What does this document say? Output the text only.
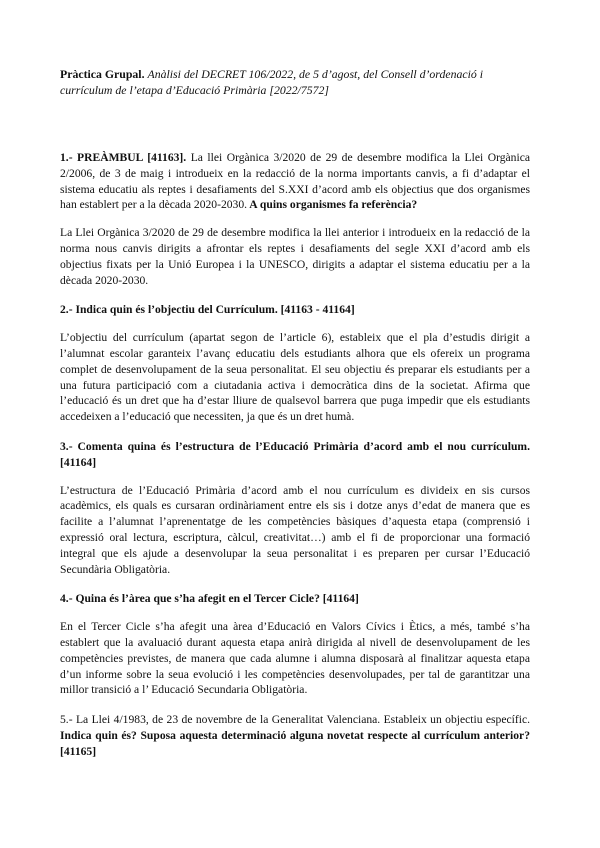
Pràctica Grupal. Anàlisi del DECRET 106/2022, de 5 d’agost, del Consell d’ordenació i currículum de l’etapa d’Educació Primària [2022/7572]

1.- PREÀMBUL [41163]. La llei Orgànica 3/2020 de 29 de desembre modifica la Llei Orgànica 2/2006, de 3 de maig i introdueix en la redacció de la norma importants canvis, a fi d’adaptar el sistema educatiu als reptes i desafiaments del S.XXI d’acord amb els objectius que dos organismes han establert per a la dècada 2020-2030. A quins organismes fa referència?

La Llei Orgànica 3/2020 de 29 de desembre modifica la llei anterior i introdueix en la redacció de la norma nous canvis dirigits a afrontar els reptes i desafiaments del segle XXI d’acord amb els objectius fixats per la Unió Europea i la UNESCO, dirigits a adaptar el sistema educatiu per a la dècada 2020-2030.

2.- Indica quin és l’objectiu del Currículum. [41163 - 41164]

L’objectiu del currículum (apartat segon de l’article 6), estableix que el pla d’estudis dirigit a l’alumnat escolar garanteix l’avanç educatiu dels estudiants alhora que els ofereix un programa complet de desenvolupament de la seua personalitat. El seu objectiu és preparar els estudiants per a una futura participació com a ciutadania activa i democràtica dins de la societat. Afirma que l’educació és un dret que ha d’estar lliure de qualsevol barrera que puga impedir que els estudiants accedeixen a l’educació que necessiten, ja que és un dret humà.

3.- Comenta quina és l’estructura de l’Educació Primària d’acord amb el nou currículum. [41164]

L’estructura de l’Educació Primària d’acord amb el nou currículum es divideix en sis cursos acadèmics, els quals es cursaran ordinàriament entre els sis i dotze anys d’edat de manera que es facilite a l’alumnat l’aprenentatge de les competències bàsiques d’aquesta etapa (comprensió i expressió oral lectura, escriptura, càlcul, creativitat…) amb el fi de proporcionar una formació integral que els ajude a desenvolupar la seua personalitat i es preparen per cursar l’Educació Secundària Obligatòria.

4.- Quina és l’àrea que s’ha afegit en el Tercer Cicle? [41164]

En el Tercer Cicle s’ha afegit una àrea d’Educació en Valors Cívics i Ètics, a més, també s’ha establert que la avaluació durant aquesta etapa anirà dirigida al nivell de desenvolupament de les competències previstes, de manera que cada alumne i alumna disposarà al finalitzar aquesta etapa d’un informe sobre la seua evolució i les competències desenvolupades, per tal de garantitzar una millor transició a l’ Educació Secundaria Obligatòria.

5.- La Llei 4/1983, de 23 de novembre de la Generalitat Valenciana. Estableix un objectiu específic. Indica quin és? Suposa aquesta determinació alguna novetat respecte al currículum anterior? [41165]
